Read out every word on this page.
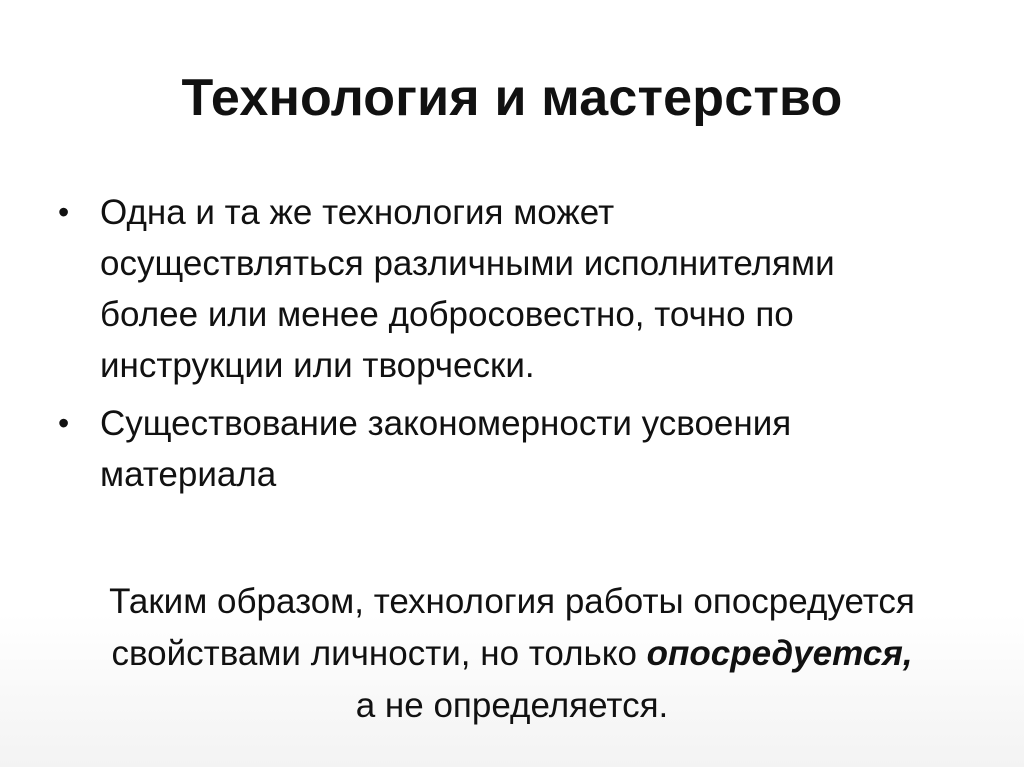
Технология и мастерство
• Одна и та же технология может
осуществляться различными исполнителями
более или менее добросовестно, точно по
инструкции или творчески.
• Существование закономерности усвоения
материала

Таким образом, технология работы опосредуется
свойствами личности, но только опосредуется,
а не определяется.
